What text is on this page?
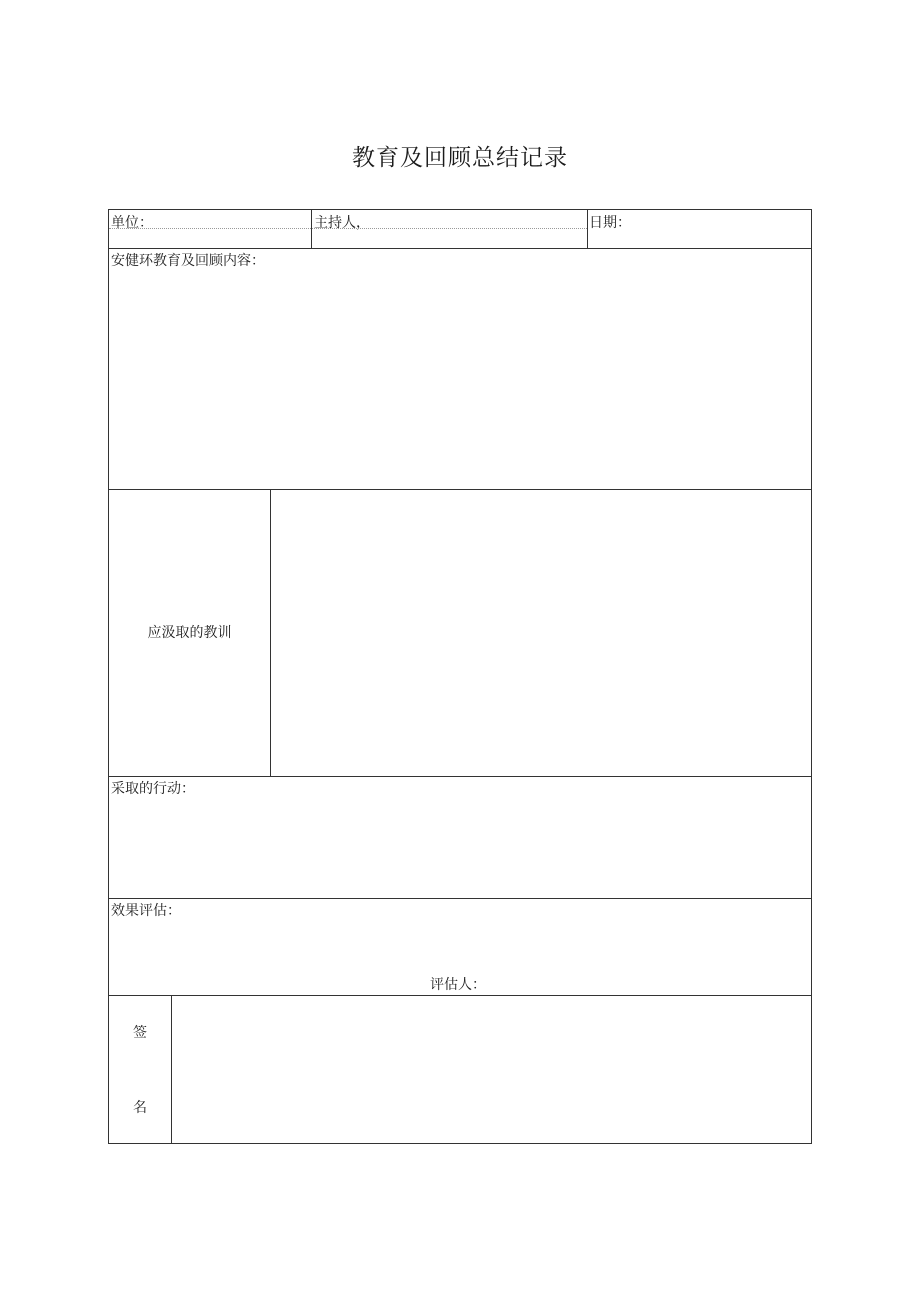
教育及回顾总结记录
单位：	主持人，	日期：
安健环教育及回顾内容：
应汲取的教训
采取的行动：
效果评估：
评估人：
签
名
